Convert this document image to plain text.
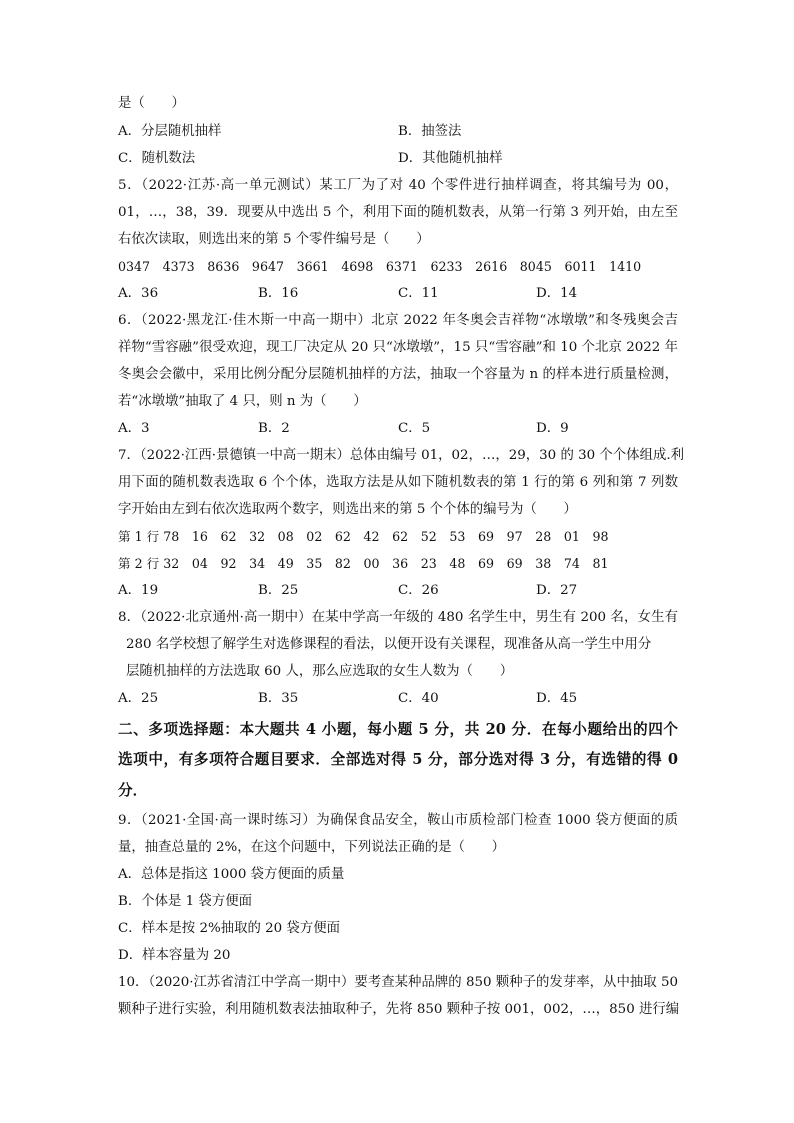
是（　　）
A．分层随机抽样	B．抽签法
C．随机数法	D．其他随机抽样
5．（2022·江苏·高一单元测试）某工厂为了对 40 个零件进行抽样调查，将其编号为 00，
01，…，38，39．现要从中选出 5 个，利用下面的随机数表，从第一行第 3 列开始，由左至
右依次读取，则选出来的第 5 个零件编号是（　　）
0347　4373　8636　9647　3661　4698　6371　6233　2616　8045　6011　1410
A．36	B．16	C．11	D．14
6．（2022·黑龙江·佳木斯一中高一期中）北京 2022 年冬奥会吉祥物“冰墩墩”和冬残奥会吉
祥物“雪容融”很受欢迎，现工厂决定从 20 只“冰墩墩”，15 只“雪容融”和 10 个北京 2022 年
冬奥会会徽中，采用比例分配分层随机抽样的方法，抽取一个容量为 n 的样本进行质量检测，
若“冰墩墩”抽取了 4 只，则 n 为（　　）
A．3	B．2	C．5	D．9
7．（2022·江西·景德镇一中高一期末）总体由编号 01，02，…，29，30 的 30 个个体组成.利
用下面的随机数表选取 6 个个体，选取方法是从如下随机数表的第 1 行的第 6 列和第 7 列数
字开始由左到右依次选取两个数字，则选出来的第 5 个个体的编号为（　　）
第 1 行 78　16　62　32　08　02　62　42　62　52　53　69　97　28　01　98
第 2 行 32　04　92　34　49　35　82　00　36　23　48　69　69　38　74　81
A．19	B．25	C．26	D．27
8．（2022·北京通州·高一期中）在某中学高一年级的 480 名学生中，男生有 200 名，女生有
280 名学校想了解学生对选修课程的看法，以便开设有关课程，现准备从高一学生中用分
层随机抽样的方法选取 60 人，那么应选取的女生人数为（　　）
A．25	B．35	C．40	D．45
二、多项选择题：本大题共 4 小题，每小题 5 分，共 20 分．在每小题给出的四个
选项中，有多项符合题目要求．全部选对得 5 分，部分选对得 3 分，有选错的得 0
分．
9．（2021·全国·高一课时练习）为确保食品安全，鞍山市质检部门检查 1000 袋方便面的质
量，抽查总量的 2%，在这个问题中，下列说法正确的是（　　）
A．总体是指这 1000 袋方便面的质量
B．个体是 1 袋方便面
C．样本是按 2%抽取的 20 袋方便面
D．样本容量为 20
10．（2020·江苏省清江中学高一期中）要考查某种品牌的 850 颗种子的发芽率，从中抽取 50
颗种子进行实验，利用随机数表法抽取种子，先将 850 颗种子按 001，002，…，850 进行编
